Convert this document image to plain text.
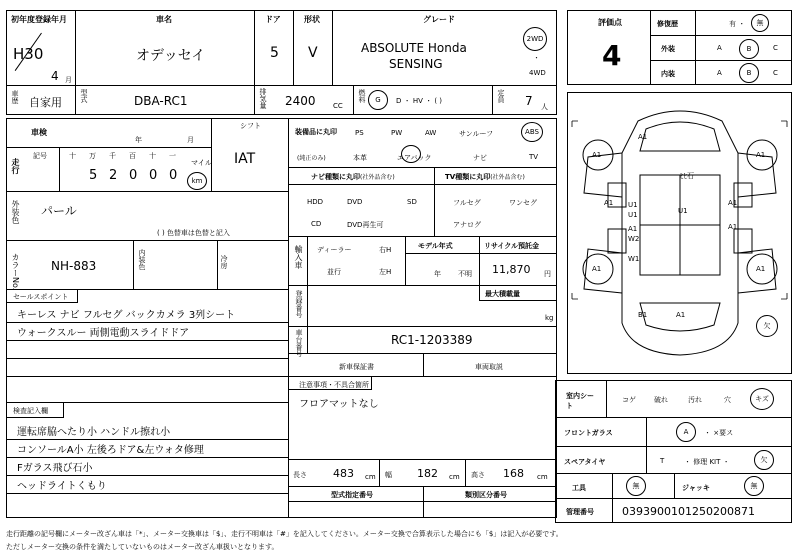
初年度登録年月
H30
4 月
車名
オデッセイ
ドア
5
形状
V
グレード
ABSOLUTE Honda
SENSING
2WD
・
4WD
車歴 自家用	型式	DBA-RC1	排気量 2400 CC
燃料 G D ・ HV ・ ( )	定員 7 人
車検
年	月
シフト
IAT
走行
記号	十 万 千 百 十 一
マイル
5 2 0 0 0 km
外装色 パール
( ) 色替車は色替と記入
カラーNo.	NH-883	内装色	冷房
セールスポイント
キーレス ナビ フルセグ バックカメラ 3列シート
ウォークスルー 両側電動スライドドア
検査記入欄
運転席脇へたり小 ハンドル擦れ小
コンソールA小 左後ろドア&左ウォタ修理
Fガラス飛び石小
ヘッドライトくもり
装備品に丸印
(純正のみ)
PS	PW	AW	サンルーフ	ABS
本革	エアバック	ナビ	TV
ナビ種類に丸印(社外品含む)
HDD	DVD	SD
CD	DVD再生可
TV種類に丸印(社外品含む)
フルセグ	ワンセグ
アナログ
輸入車 ディーラー
並行
右H
左H
モデル年式
年 不明
リサイクル預託金
11,870 円
登録番号	最大積載量
kg
車台番号	RC1-1203389
新車保証書	車両取説
注意事項・不具合箇所
フロアマットなし
評価点
4
修復歴	有 ・ 無
外装	A	B	C
内装	A	B	C
A1	A1
A1
ﾋﾋ石
A1	A1
A1
U1
U1	U1
A1
W2
W1
A1	A1
B1	A1
欠
室内シート
コゲ	破れ	汚れ	穴	キズ
フロントガラス	A ・ ×要ス
スペアタイヤ	T	・ 修理 KIT ・	欠
工具	無	ジャッキ	無
管理番号	0393900101250200871
長さ 483 cm 幅 182 cm 高さ 168 cm
型式指定番号	類別区分番号
走行距離の記号欄にメーター改ざん車は「*」、メーター交換車は「$」、走行不明車は「#」を記入してください。メーター交換で合算表示した場合にも「$」は記入が必要です。
ただしメーター交換の条件を満たしていないものはメーター改ざん車扱いとなります。
